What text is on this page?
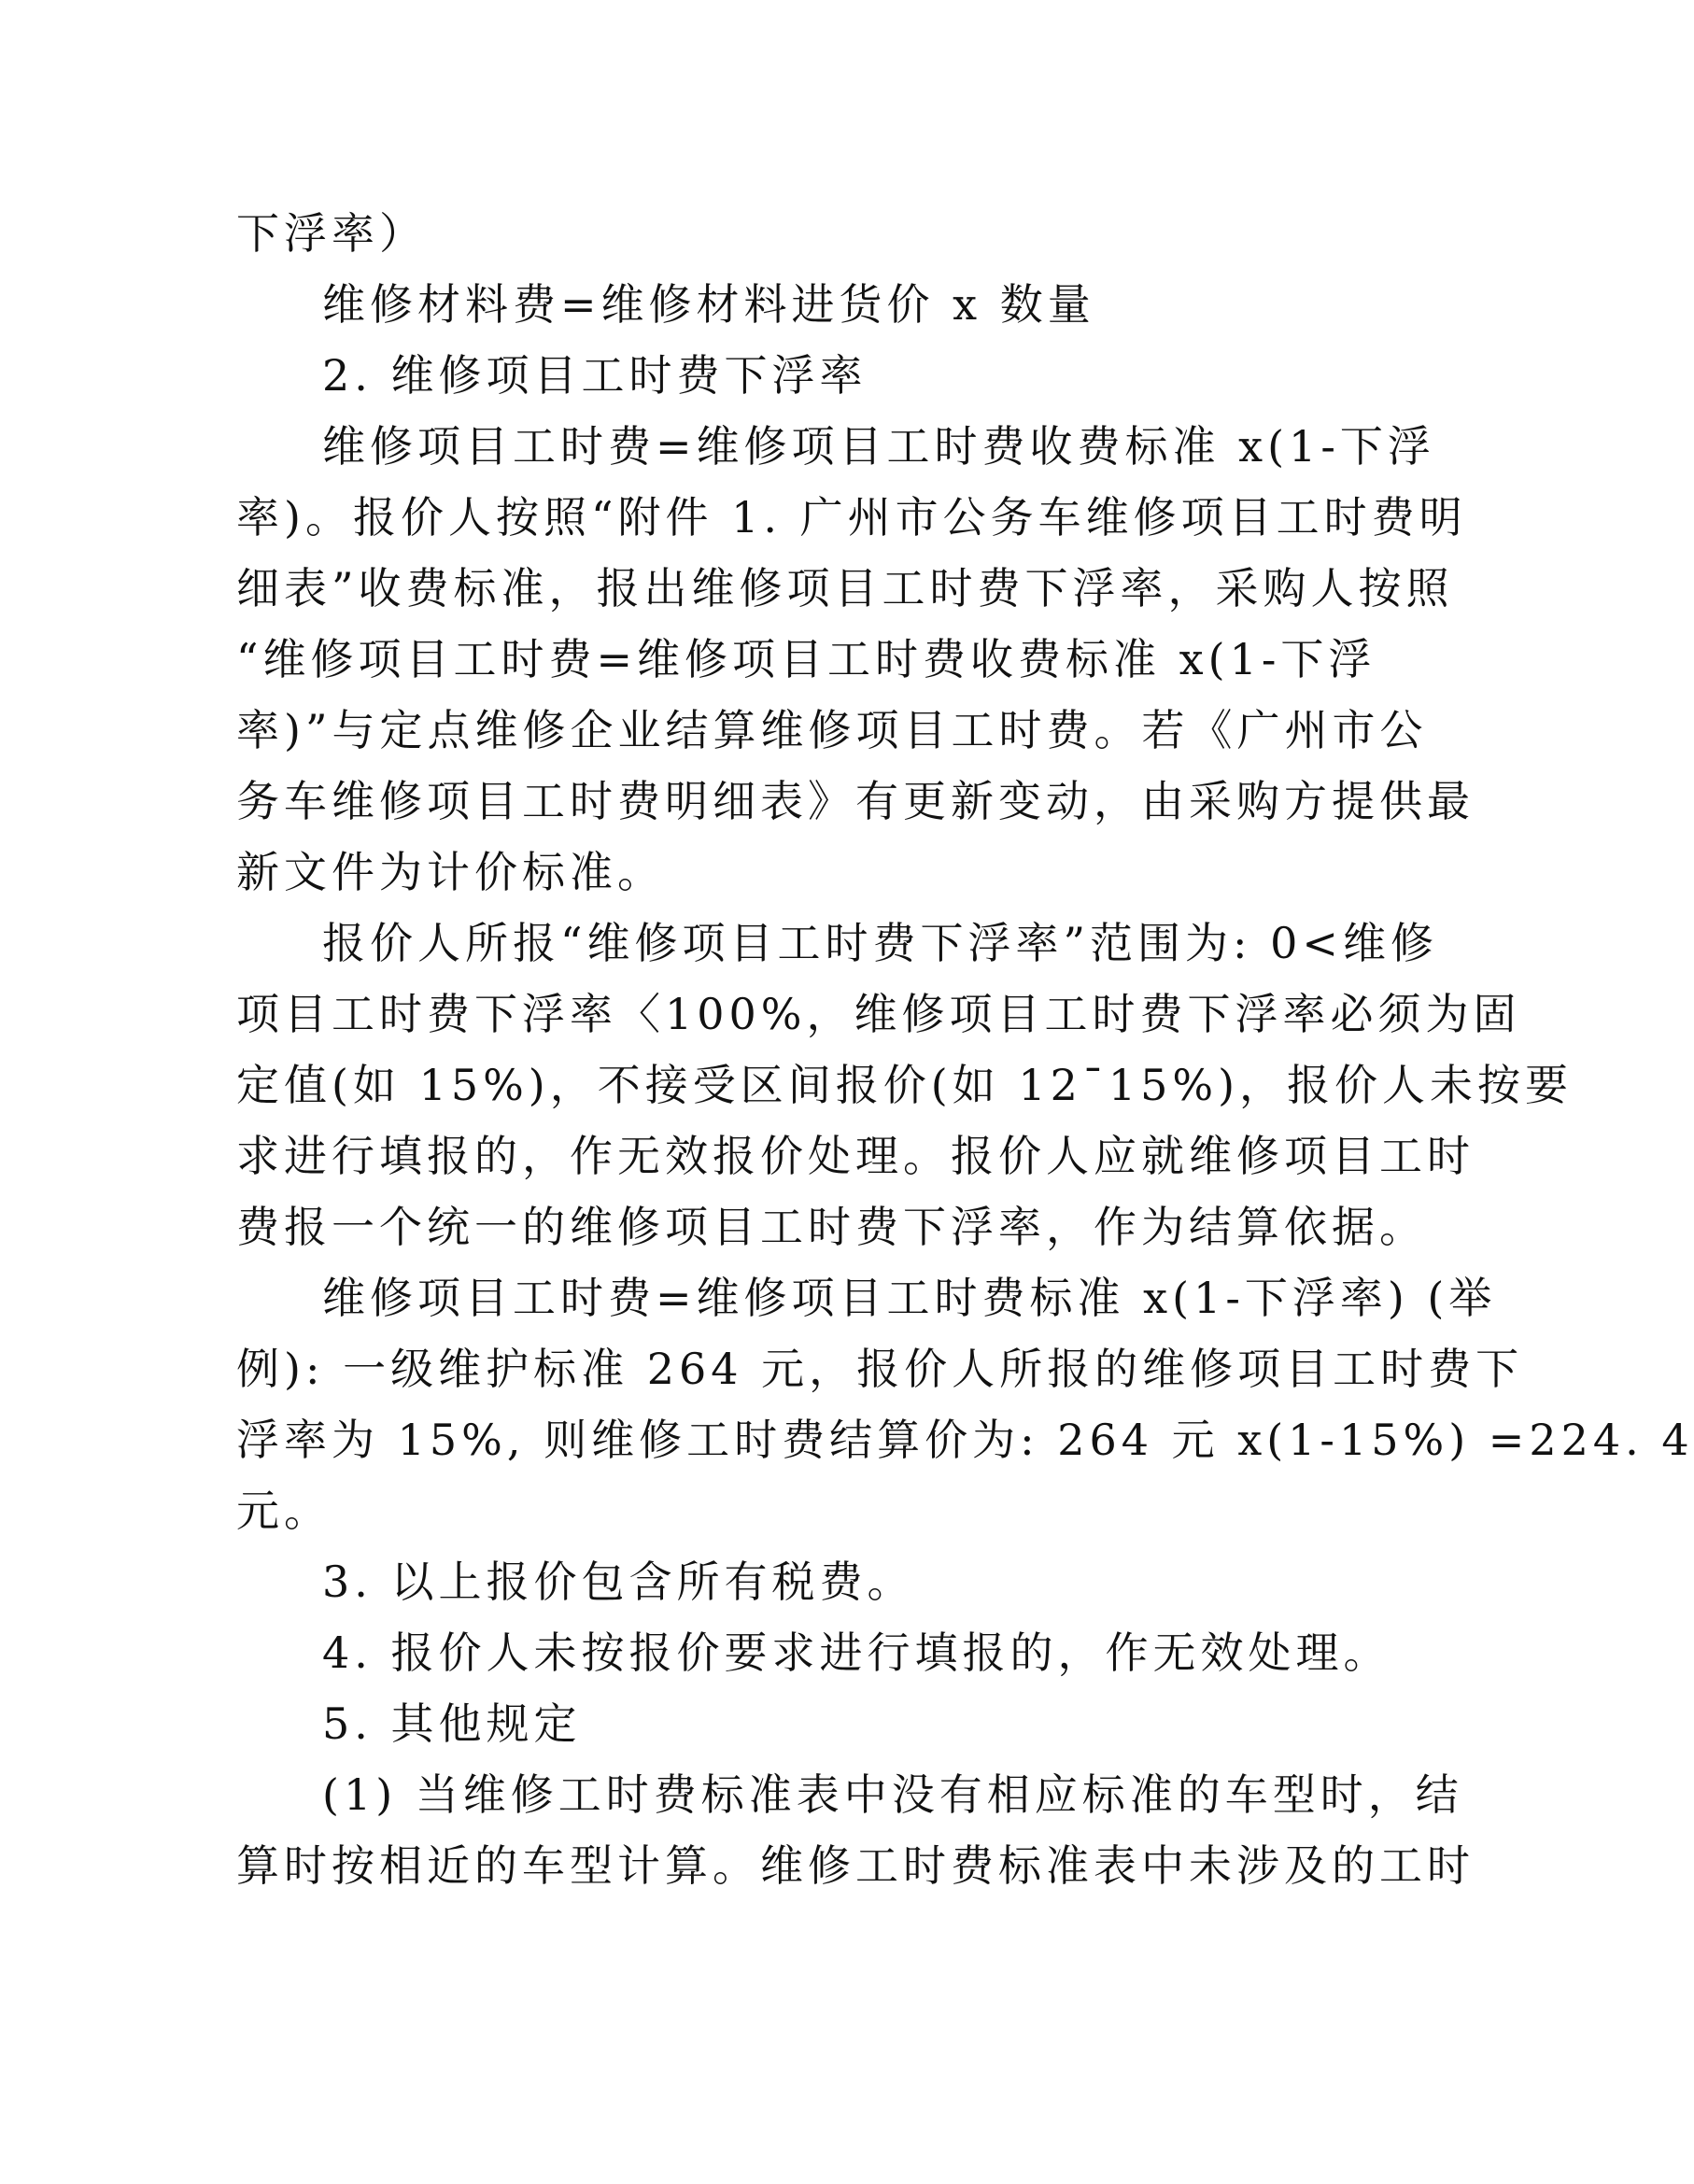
下浮率）
维修材料费=维修材料进货价 x 数量
2. 维修项目工时费下浮率
维修项目工时费=维修项目工时费收费标准 x(1-下浮
率)。报价人按照“附件 1. 广州市公务车维修项目工时费明
细表”收费标准，报出维修项目工时费下浮率，采购人按照
“维修项目工时费=维修项目工时费收费标准 x(1-下浮
率)”与定点维修企业结算维修项目工时费。若《广州市公
务车维修项目工时费明细表》有更新变动，由采购方提供最
新文件为计价标准。
报价人所报“维修项目工时费下浮率”范围为: 0<维修
项目工时费下浮率〈100%，维修项目工时费下浮率必须为固
定值(如 15%)，不接受区间报价(如 12¯15%)，报价人未按要
求进行填报的，作无效报价处理。报价人应就维修项目工时
费报一个统一的维修项目工时费下浮率，作为结算依据。
维修项目工时费=维修项目工时费标准 x(1-下浮率) (举
例): 一级维护标准 264 元，报价人所报的维修项目工时费下
浮率为 15%, 则维修工时费结算价为: 264 元 x(1-15%) =224. 4
元。
3. 以上报价包含所有税费。
4. 报价人未按报价要求进行填报的，作无效处理。
5. 其他规定
(1) 当维修工时费标准表中没有相应标准的车型时，结
算时按相近的车型计算。维修工时费标准表中未涉及的工时
